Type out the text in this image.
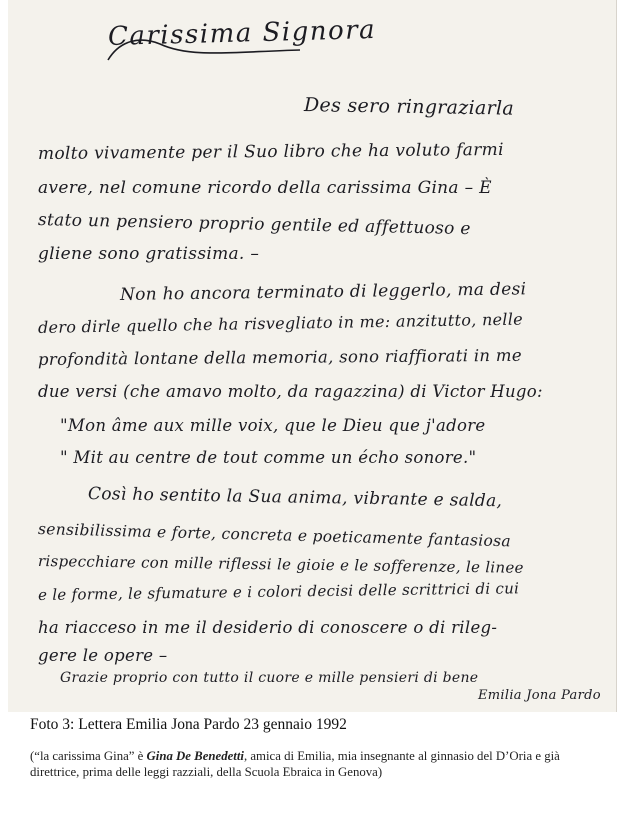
Carissima Signora
Des sero ringraziarla
molto vivamente per il Suo libro che ha voluto farmi
avere, nel comune ricordo della carissima Gina – È
stato un pensiero proprio gentile ed affettuoso e
gliene sono gratissima. –
Non ho ancora terminato di leggerlo, ma desi
dero dirle quello che ha risvegliato in me: anzitutto, nelle
profondità lontane della memoria, sono riaffiorati in me
due versi (che amavo molto, da ragazzina) di Victor Hugo:
"Mon âme aux mille voix, que le Dieu que j'adore
" Mit au centre de tout comme un écho sonore."
Così ho sentito la Sua anima, vibrante e salda,
sensibilissima e forte, concreta e poeticamente fantasiosa
rispecchiare con mille riflessi le gioie e le sofferenze, le linee
e le forme, le sfumature e i colori decisi delle scrittrici di cui
ha riacceso in me il desiderio di conoscere o di rileg-
gere le opere –
Grazie proprio con tutto il cuore e mille pensieri di bene
Emilia Jona Pardo
Foto 3: Lettera Emilia Jona Pardo 23 gennaio 1992
(“la carissima Gina” è Gina De Benedetti, amica di Emilia, mia insegnante al ginnasio del D’Oria e già direttrice, prima delle leggi razziali, della Scuola Ebraica in Genova)
